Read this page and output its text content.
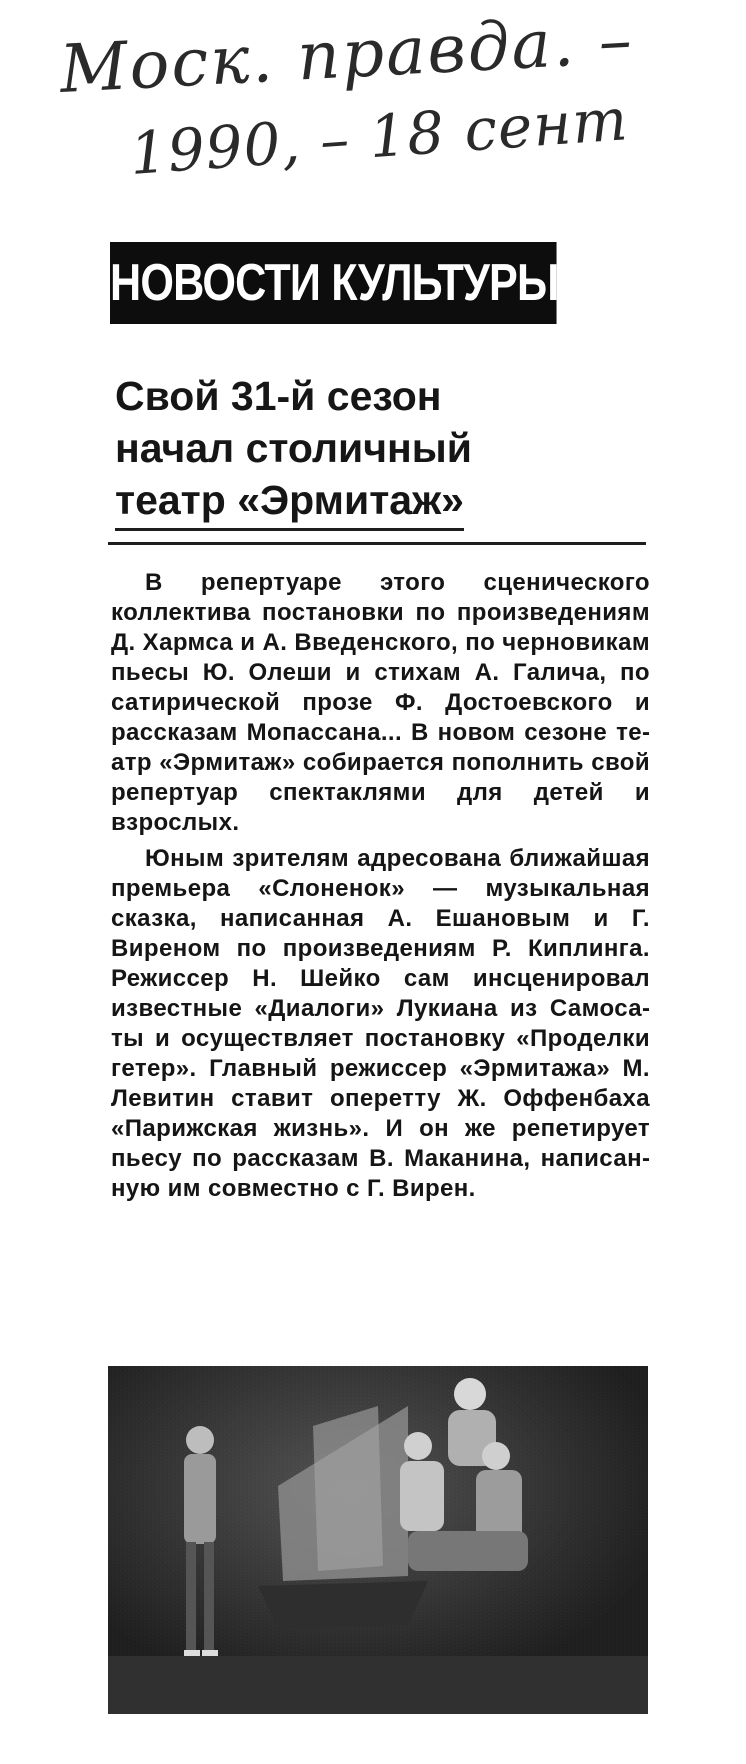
Моск. правда. –
1990, – 18 сент
НОВОСТИ КУЛЬТУРЫ
Свой 31-й сезон
начал столичный
театр «Эрмитаж»

В репертуаре этого сценического коллектива постановки по произведениям Д. Хармса и А. Введенского, по черновикам пьесы Ю. Олеши и стихам А. Галича, по сатирической прозе Ф. Достоевского и рассказам Мопассана... В новом сезоне театр «Эрмитаж» собирается пополнить свой репертуар спектаклями для детей и взрослых.

Юным зрителям адресована ближайшая премьера «Слоненок» — музыкальная сказка, написанная А. Ешановым и Г. Виреном по произведениям Р. Киплинга. Режиссер Н. Шейко сам инсценировал известные «Диалоги» Лукиана из Самосаты и осуществляет постановку «Проделки гетер». Главный режиссер «Эрмитажа» М. Левитин ставит оперетту Ж. Оффенбаха «Парижская жизнь». И он же репетирует пьесу по рассказам В. Маканина, написанную им совместно с Г. Вирен.
